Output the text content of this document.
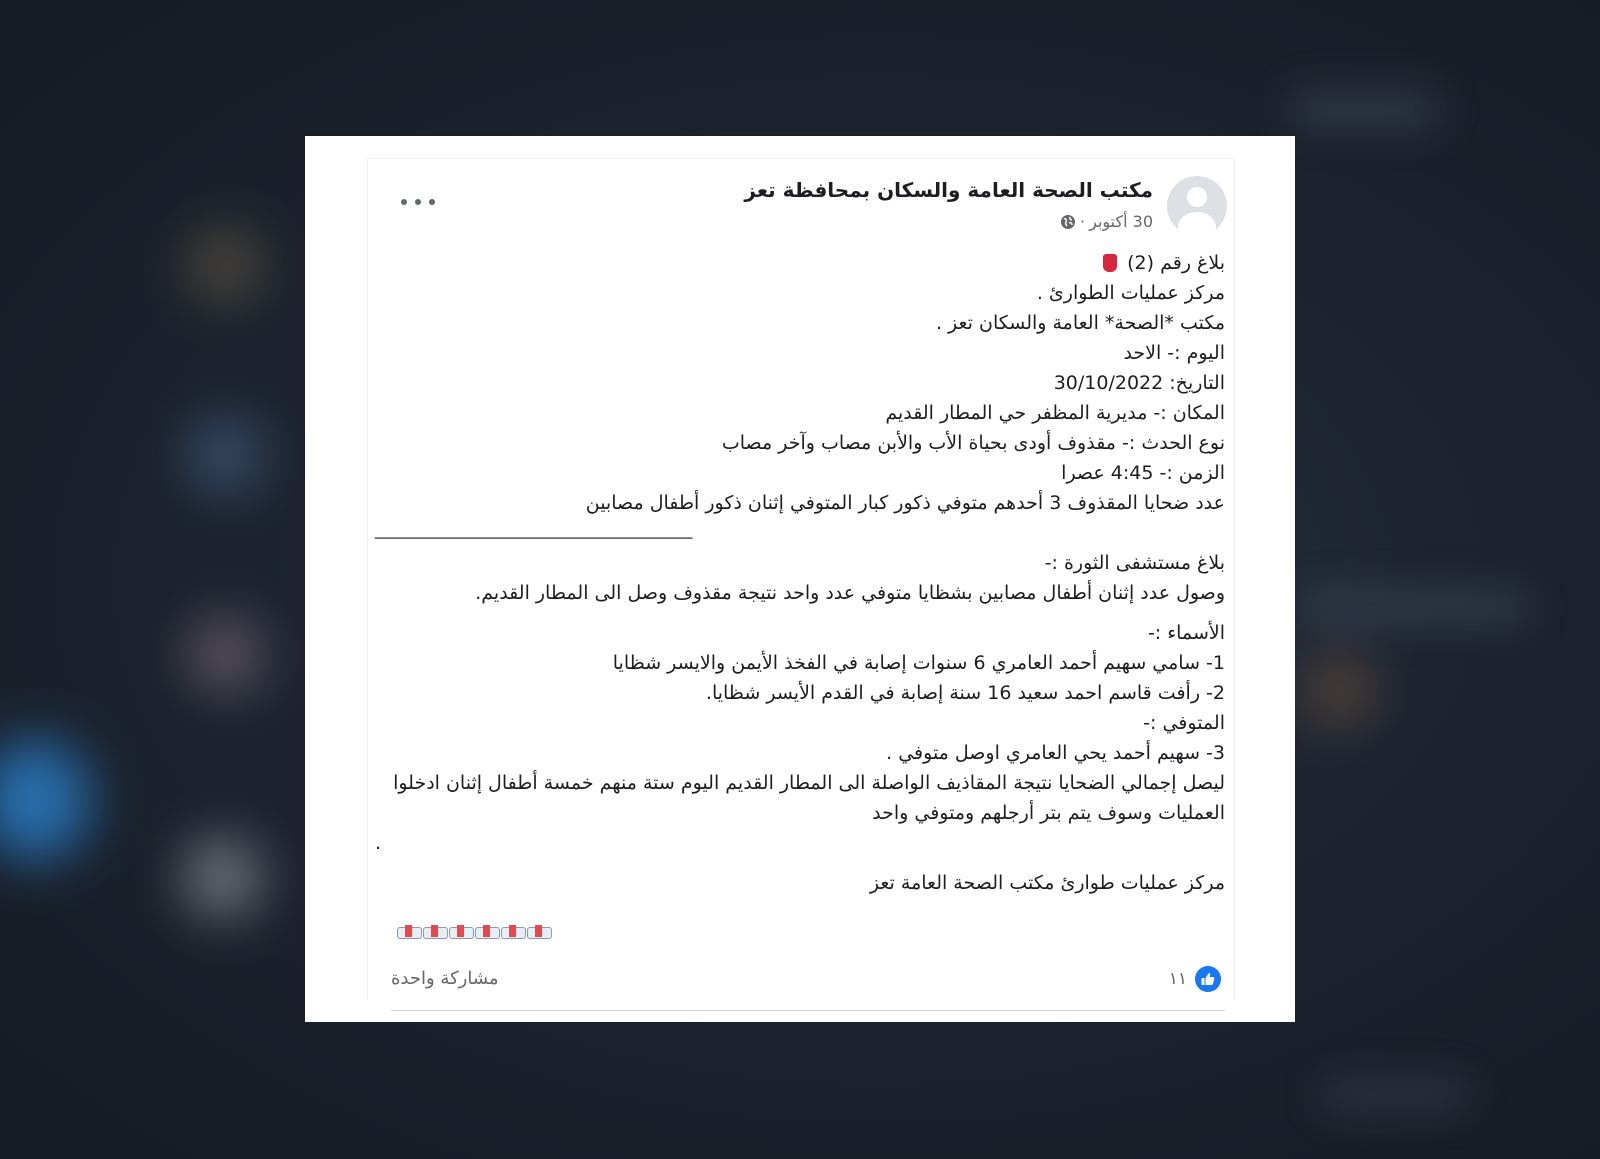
مكتب الصحة العامة والسكان بمحافظة تعز
30 أكتوبر
·

بلاغ رقم (2)

مركز عمليات الطوارئ .

مكتب *الصحة* العامة والسكان تعز .

اليوم :- الاحد

التاريخ: 30/10/2022

المكان :- مديرية المظفر حي المطار القديم

نوع الحدث :- مقذوف أودى بحياة الأب والأبن مصاب وآخر مصاب

الزمن :- 4:45 عصرا

عدد ضحايا المقذوف 3 أحدهم متوفي ذكور كبار المتوفي إثنان ذكور أطفال مصابين

ـــــــــــــــــــــــــــــــــــــــــــــــــــــــــ

بلاغ مستشفى الثورة :-

وصول عدد إثنان أطفال مصابين بشظايا متوفي عدد واحد نتيجة مقذوف وصل الى المطار القديم.

الأسماء :-

1- سامي سهيم أحمد العامري 6 سنوات إصابة في الفخذ الأيمن والايسر شظايا

2- رأفت قاسم احمد سعيد 16 سنة إصابة في القدم الأيسر شظايا.

المتوفي :-

3- سهيم أحمد يحي العامري اوصل متوفي .

ليصل إجمالي الضحايا نتيجة المقاذيف الواصلة الى المطار القديم اليوم ستة منهم خمسة أطفال إثنان ادخلوا العمليات وسوف يتم بتر أرجلهم ومتوفي واحد

.

مركز عمليات طوارئ مكتب الصحة العامة تعز

١١
مشاركة واحدة
